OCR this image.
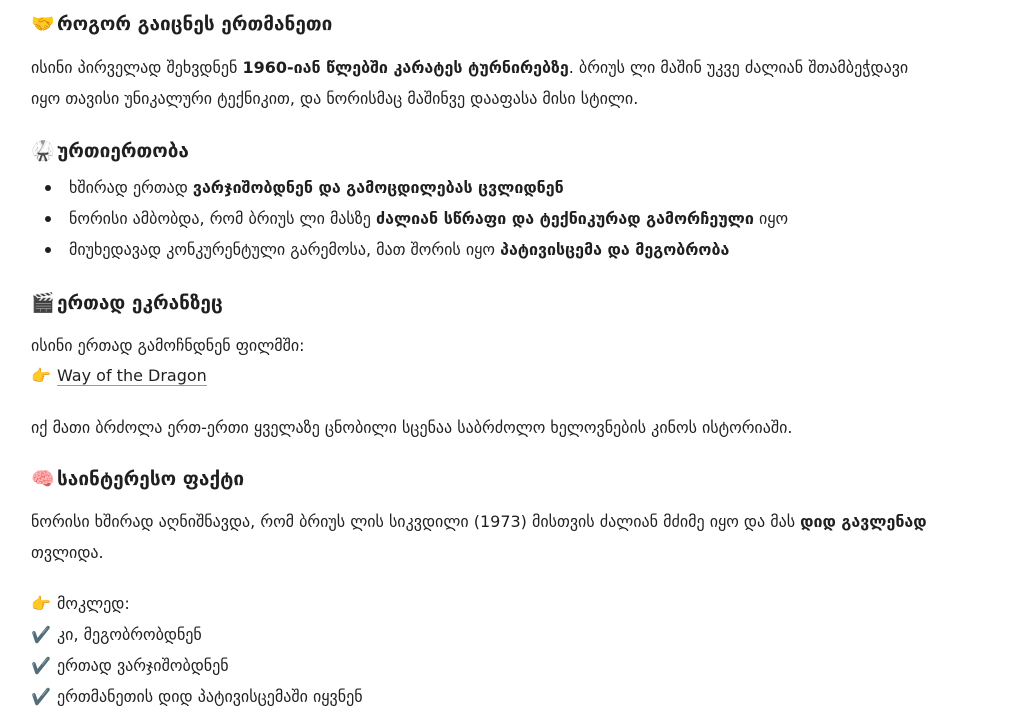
🤝 როგორ გაიცნეს ერთმანეთი

ისინი პირველად შეხვდნენ 1960-იან წლებში კარატეს ტურნირებზე. ბრიუს ლი მაშინ უკვე ძალიან შთამბეჭდავი

იყო თავისი უნიკალური ტექნიკით, და ნორისმაც მაშინვე დააფასა მისი სტილი.

🥋 ურთიერთობა
ხშირად ერთად ვარჯიშობდნენ და გამოცდილებას ცვლიდნენ
ნორისი ამბობდა, რომ ბრიუს ლი მასზე ძალიან სწრაფი და ტექნიკურად გამორჩეული იყო
მიუხედავად კონკურენტული გარემოსა, მათ შორის იყო პატივისცემა და მეგობრობა
🎬 ერთად ეკრანზეც

ისინი ერთად გამოჩნდნენ ფილმში:

👉 Way of the Dragon

იქ მათი ბრძოლა ერთ-ერთი ყველაზე ცნობილი სცენაა საბრძოლო ხელოვნების კინოს ისტორიაში.

🧠 საინტერესო ფაქტი

ნორისი ხშირად აღნიშნავდა, რომ ბრიუს ლის სიკვდილი (1973) მისთვის ძალიან მძიმე იყო და მას დიდ გავლენად

თვლიდა.

👉 მოკლედ:

✔️ კი, მეგობრობდნენ

✔️ ერთად ვარჯიშობდნენ

✔️ ერთმანეთის დიდ პატივისცემაში იყვნენ
